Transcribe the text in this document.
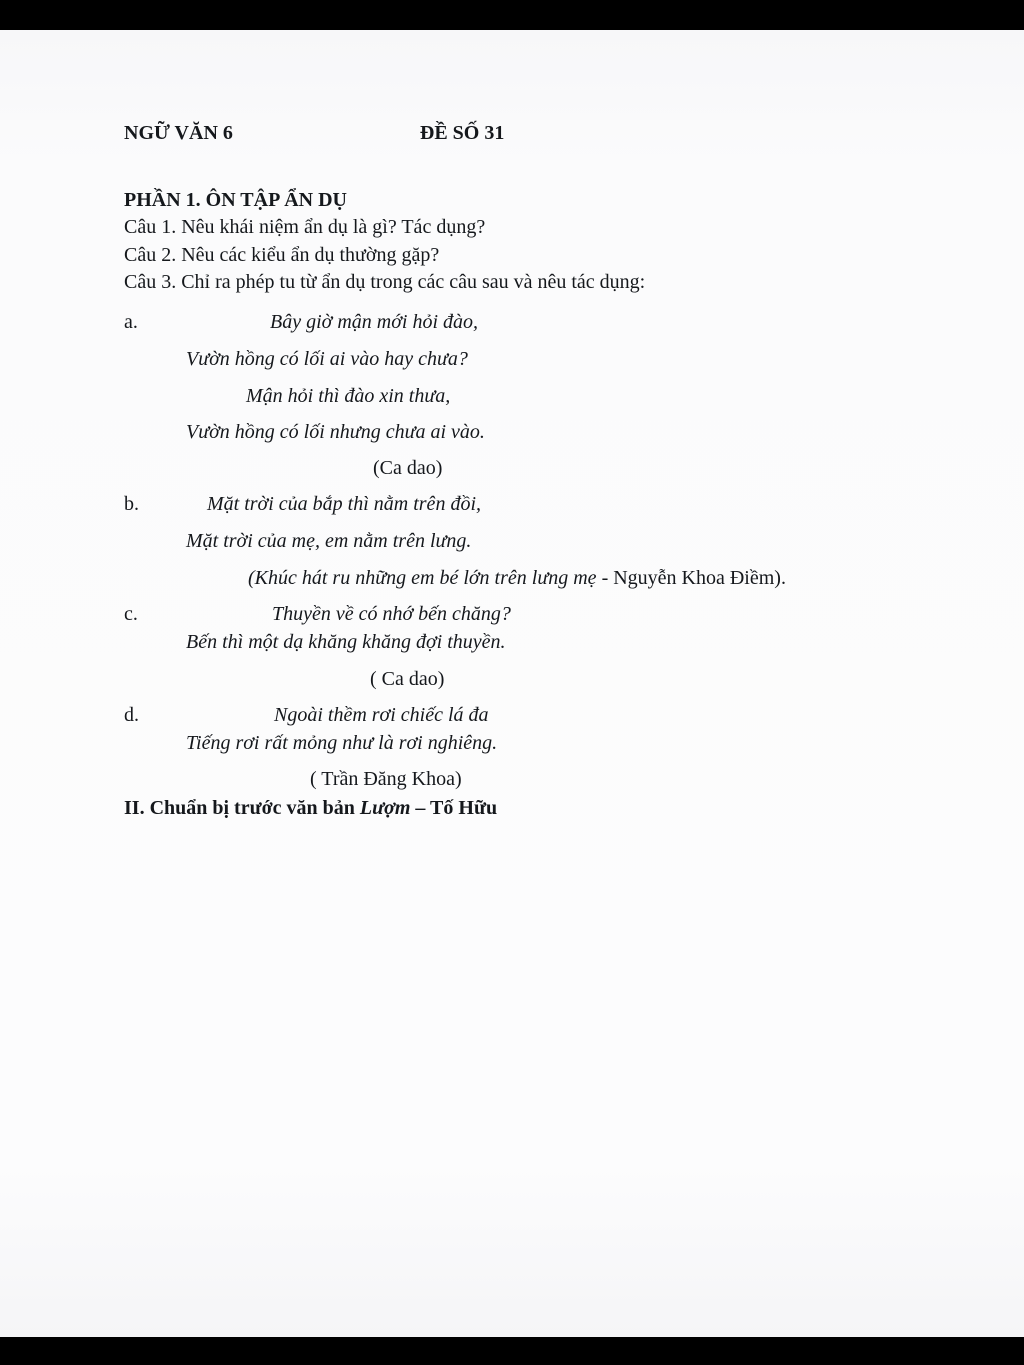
NGỮ VĂN 6	ĐỀ SỐ 31
PHẦN 1. ÔN TẬP ẨN DỤ
Câu 1. Nêu khái niệm ẩn dụ là gì? Tác dụng?
Câu 2. Nêu các kiểu ẩn dụ thường gặp?
Câu 3. Chỉ ra phép tu từ ẩn dụ trong các câu sau và nêu tác dụng:
a.	Bây giờ mận mới hỏi đào,
Vườn hồng có lối ai vào hay chưa?
Mận hỏi thì đào xin thưa,
Vườn hồng có lối nhưng chưa ai vào.
(Ca dao)
b.	Mặt trời của bắp thì nằm trên đồi,
Mặt trời của mẹ, em nằm trên lưng.
(Khúc hát ru những em bé lớn trên lưng mẹ - Nguyễn Khoa Điềm).
c.	Thuyền về có nhớ bến chăng?
Bến thì một dạ khăng khăng đợi thuyền.
( Ca dao)
d.	Ngoài thềm rơi chiếc lá đa
Tiếng rơi rất mỏng như là rơi nghiêng.
( Trần Đăng Khoa)
II. Chuẩn bị trước văn bản Lượm – Tố Hữu
